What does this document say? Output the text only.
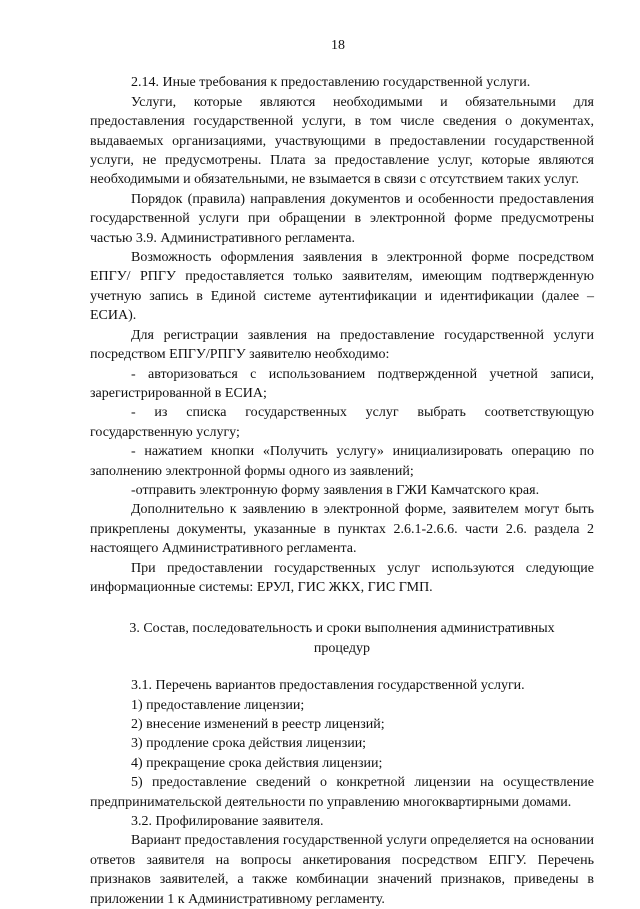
18

2.14. Иные требования к предоставлению государственной услуги.

Услуги, которые являются необходимыми и обязательными для предоставления государственной услуги, в том числе сведения о документах, выдаваемых организациями, участвующими в предоставлении государственной услуги, не предусмотрены. Плата за предоставление услуг, которые являются необходимыми и обязательными, не взымается в связи с отсутствием таких услуг.

Порядок (правила) направления документов и особенности предоставления государственной услуги при обращении в электронной форме предусмотрены частью 3.9. Административного регламента.

Возможность оформления заявления в электронной форме посредством ЕПГУ/ РПГУ предоставляется только заявителям, имеющим подтвержденную учетную запись в Единой системе аутентификации и идентификации (далее – ЕСИА).

Для регистрации заявления на предоставление государственной услуги посредством ЕПГУ/РПГУ заявителю необходимо:

- авторизоваться с использованием подтвержденной учетной записи, зарегистрированной в ЕСИА;

- из списка государственных услуг выбрать соответствующую государственную услугу;

- нажатием кнопки «Получить услугу» инициализировать операцию по заполнению электронной формы одного из заявлений;

-отправить электронную форму заявления в ГЖИ Камчатского края.

Дополнительно к заявлению в электронной форме, заявителем могут быть прикреплены документы, указанные в пунктах 2.6.1-2.6.6. части 2.6. раздела 2 настоящего Административного регламента.

При предоставлении государственных услуг используются следующие информационные системы: ЕРУЛ, ГИС ЖКХ, ГИС ГМП.

3. Состав, последовательность и сроки выполнения административных
процедур

3.1. Перечень вариантов предоставления государственной услуги.

1) предоставление лицензии;

2) внесение изменений в реестр лицензий;

3) продление срока действия лицензии;

4) прекращение срока действия лицензии;

5) предоставление сведений о конкретной лицензии на осуществление предпринимательской деятельности по управлению многоквартирными домами.

3.2. Профилирование заявителя.

Вариант предоставления государственной услуги определяется на основании ответов заявителя на вопросы анкетирования посредством ЕПГУ. Перечень признаков заявителей, а также комбинации значений признаков, приведены в приложении 1 к Административному регламенту.
